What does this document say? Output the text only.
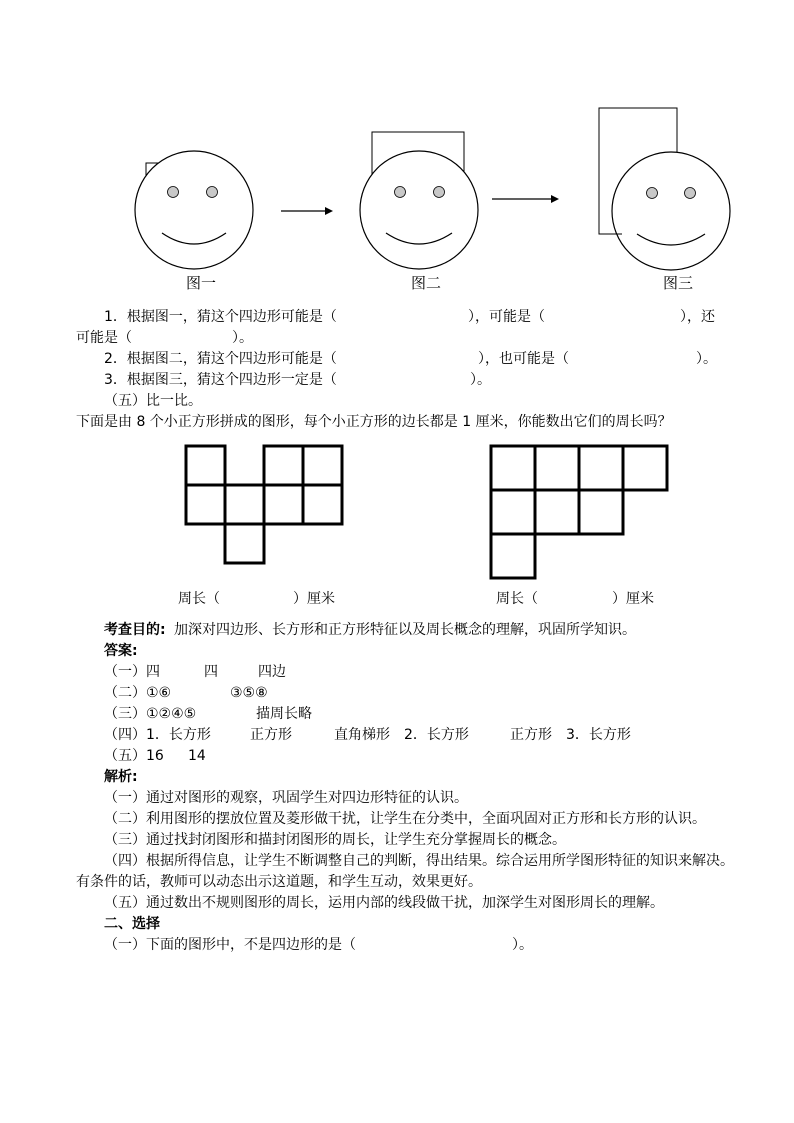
图一	图二	图三
1．根据图一，猜这个四边形可能是（	），可能是（	），还
可能是（	）。
2．根据图二，猜这个四边形可能是（	），也可能是（	）。
3．根据图三，猜这个四边形一定是（	）。
（五）比一比。
下面是由 8 个小正方形拼成的图形，每个小正方形的边长都是 1 厘米，你能数出它们的周长吗？
周长（	）厘米	周长（	）厘米
考查目的: 加深对四边形、长方形和正方形特征以及周长概念的理解，巩固所学知识。
答案:
（一） 四	四	四边
（二） ①⑥	③⑤⑧
（三） ①②④⑤	描周长略
（四） 1．长方形	正方形	直角梯形 2．长方形	正方形 3．长方形
（五） 16 14
解析:
（一）通过对图形的观察，巩固学生对四边形特征的认识。
（二）利用图形的摆放位置及菱形做干扰，让学生在分类中，全面巩固对正方形和长方形的认识。
（三）通过找封闭图形和描封闭图形的周长，让学生充分掌握周长的概念。
（四）根据所得信息，让学生不断调整自己的判断，得出结果。综合运用所学图形特征的知识来解决。
有条件的话，教师可以动态出示这道题，和学生互动，效果更好。
（五）通过数出不规则图形的周长，运用内部的线段做干扰，加深学生对图形周长的理解。
二、选择
（一）下面的图形中，不是四边形的是（	）。
